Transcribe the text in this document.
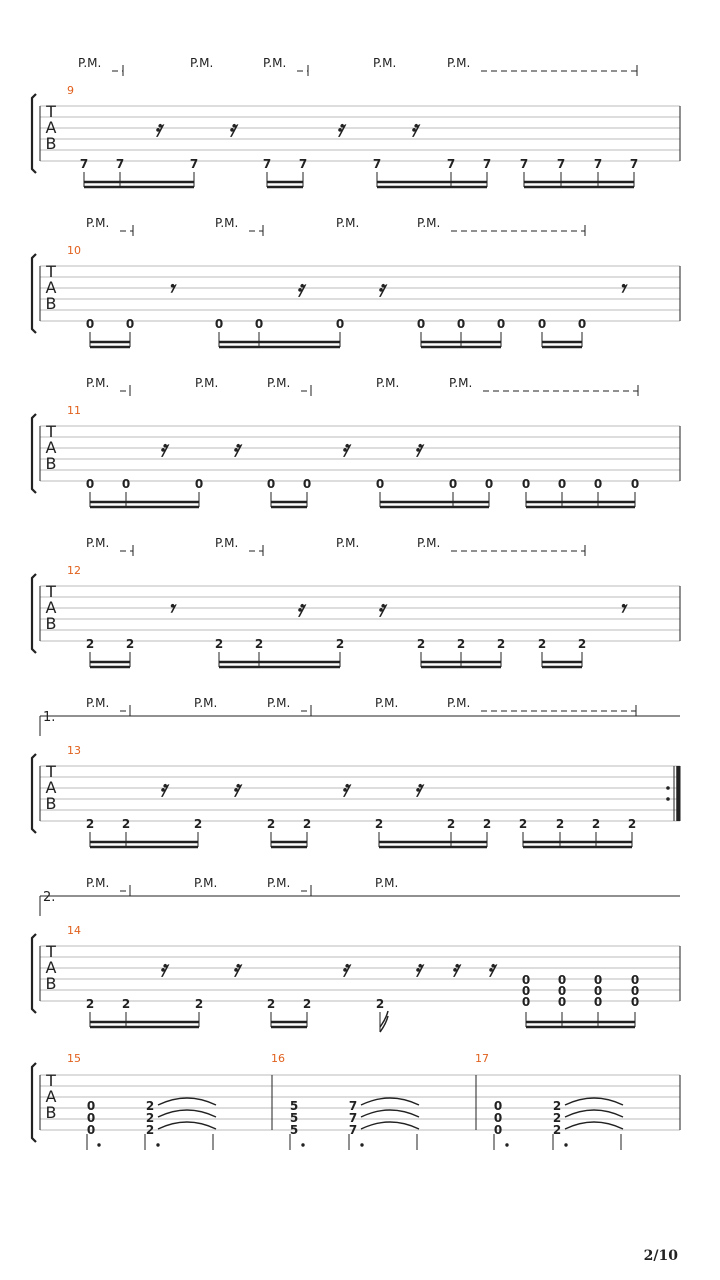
P.M.	P.M.	P.M.	P.M.	P.M.
9
T
A
B
7 7	7	7 7	7	7 7 7 7 7 7
𝄿	𝄿	𝄿	𝄿
P.M.	P.M.	P.M.	P.M.
10
T
A
B
0	0	0	0	0	0	0	0	0	0
𝄾	𝄿	𝄿	𝄾
P.M.	P.M.	P.M.	P.M.	P.M.
11
T
A
B
0 0	0	0 0	0	0 0 0 0 0 0
𝄿	𝄿	𝄿	𝄿
P.M.	P.M.	P.M.	P.M.
12
T
A
B
2	2	2	2	2	2	2	2	2	2
𝄾	𝄿	𝄿	𝄾
1.
P.M.	P.M.	P.M.	P.M.	P.M.
13
T
A
B
2 2	2	2 2	2	2 2 2 2 2 2
𝄿	𝄿	𝄿	𝄿
2.
P.M.	P.M.	P.M.	P.M.
14
T
A
B
2 2	2	2 2	2
0
0
0
0
0
0
0
0
0
0
0
0
𝄿	𝄿	𝄿	𝄿 𝄿 𝄿
15	16	17
T
A
B	0
0
0
2
2
2
5
5
5
7
7
7
0
0
0
2
2
2
2/10
